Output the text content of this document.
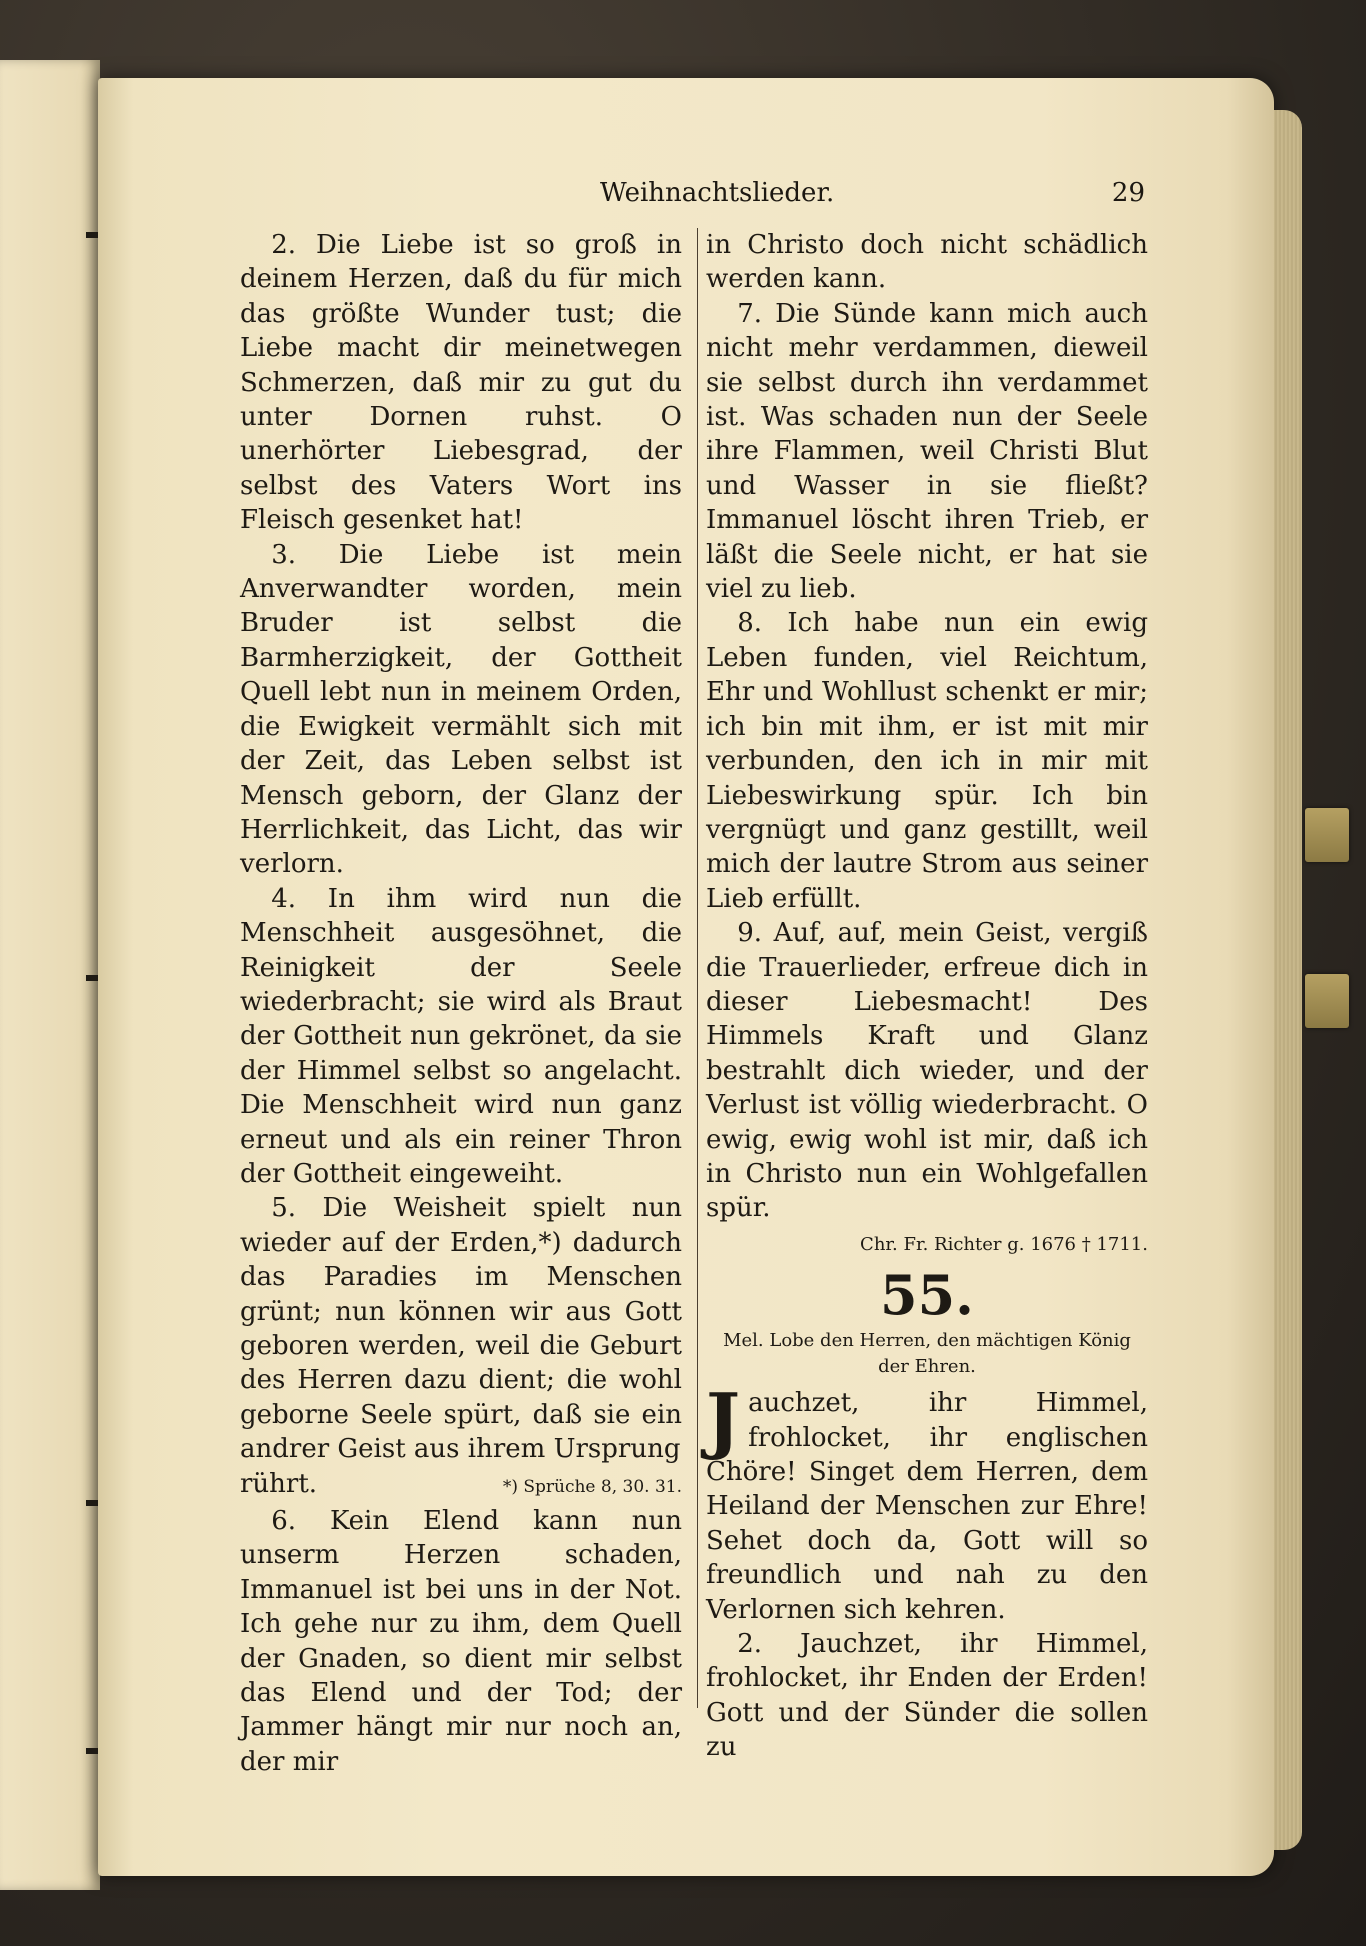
Weihnachtslieder.	29

2. Die Liebe ist so groß in deinem Herzen, daß du für mich das größte Wunder tust; die Liebe macht dir meinetwegen Schmerzen, daß mir zu gut du unter Dornen ruhst. O unerhörter Liebesgrad, der selbst des Vaters Wort ins Fleisch gesenket hat!

3. Die Liebe ist mein Anverwandter worden, mein Bruder ist selbst die Barmherzigkeit, der Gottheit Quell lebt nun in meinem Orden, die Ewigkeit vermählt sich mit der Zeit, das Leben selbst ist Mensch geborn, der Glanz der Herrlichkeit, das Licht, das wir verlorn.

4. In ihm wird nun die Menschheit ausgesöhnet, die Reinigkeit der Seele wiederbracht; sie wird als Braut der Gottheit nun gekrönet, da sie der Himmel selbst so angelacht. Die Menschheit wird nun ganz erneut und als ein reiner Thron der Gottheit eingeweiht.

5. Die Weisheit spielt nun wieder auf der Erden,*) dadurch das Paradies im Menschen grünt; nun können wir aus Gott geboren werden, weil die Geburt des Herren dazu dient; die wohl geborne Seele spürt, daß sie ein andrer Geist aus ihrem Ursprung

rührt.	*) Sprüche 8, 30. 31.

6. Kein Elend kann nun unserm Herzen schaden, Immanuel ist bei uns in der Not. Ich gehe nur zu ihm, dem Quell der Gnaden, so dient mir selbst das Elend und der Tod; der Jammer hängt mir nur noch an, der mir

in Christo doch nicht schädlich werden kann.

7. Die Sünde kann mich auch nicht mehr verdammen, dieweil sie selbst durch ihn verdammet ist. Was schaden nun der Seele ihre Flammen, weil Christi Blut und Wasser in sie fließt? Immanuel löscht ihren Trieb, er läßt die Seele nicht, er hat sie viel zu lieb.

8. Ich habe nun ein ewig Leben funden, viel Reichtum, Ehr und Wohllust schenkt er mir; ich bin mit ihm, er ist mit mir verbunden, den ich in mir mit Liebeswirkung spür. Ich bin vergnügt und ganz gestillt, weil mich der lautre Strom aus seiner Lieb erfüllt.

9. Auf, auf, mein Geist, vergiß die Trauerlieder, erfreue dich in dieser Liebesmacht! Des Himmels Kraft und Glanz bestrahlt dich wieder, und der Verlust ist völlig wiederbracht. O ewig, ewig wohl ist mir, daß ich in Christo nun ein Wohlgefallen spür.

Chr. Fr. Richter g. 1676 † 1711.
55.
Mel. Lobe den Herren, den mächtigen König der Ehren.

Jauchzet, ihr Himmel, frohlocket, ihr englischen Chöre! Singet dem Herren, dem Heiland der Menschen zur Ehre! Sehet doch da, Gott will so freundlich und nah zu den Verlornen sich kehren.

2. Jauchzet, ihr Himmel, frohlocket, ihr Enden der Erden! Gott und der Sünder die sollen zu
